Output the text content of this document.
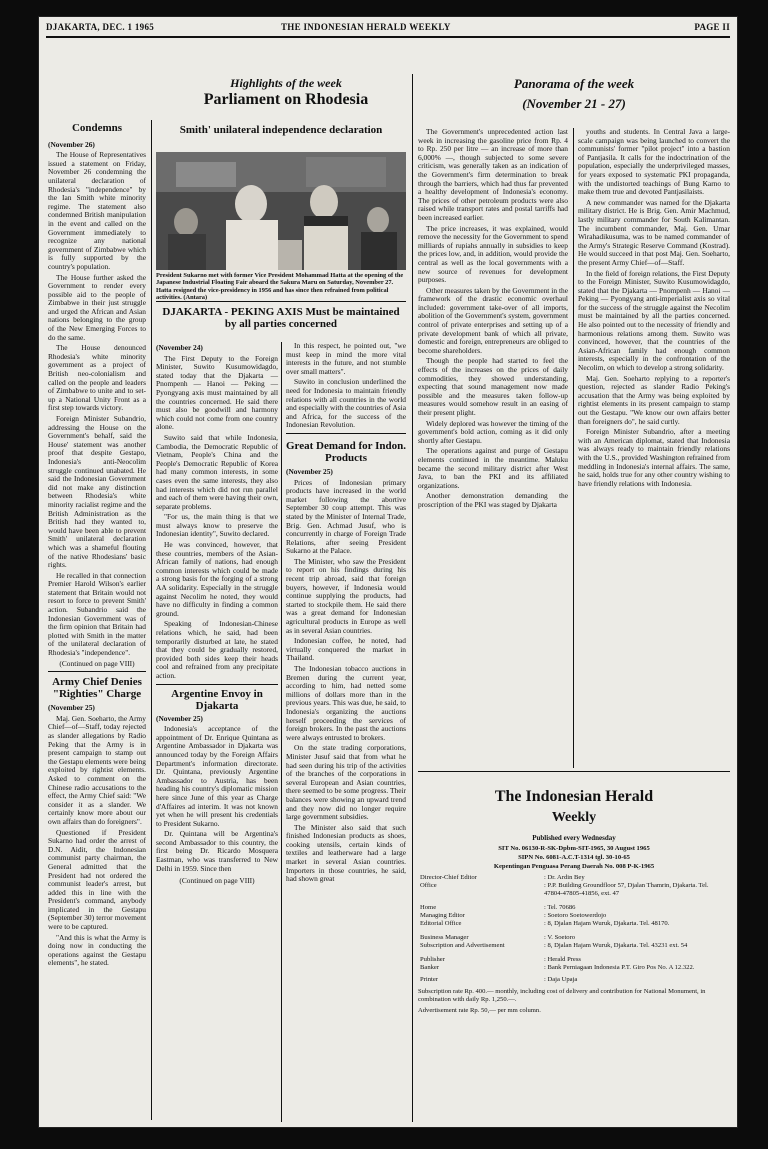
DJAKARTA, DEC. 1 1965	THE INDONESIAN HERALD WEEKLY	PAGE II
Highlights of the week
Parliament on Rhodesia
Condemns
(November 26)

The House of Representatives issued a statement on Friday, November 26 condemning the unilateral declaration of Rhodesia's "independence" by the Ian Smith white minority regime. The statement also condemned British manipulation in the event and called on the Government immediately to recognize any national government of Zimbabwe which is fully supported by the country's population.

The House further asked the Government to render every possible aid to the people of Zimbabwe in their just struggle and urged the African and Asian nations belonging to the group of the New Emerging Forces to do the same.

The House denounced Rhodesia's white minority government as a project of British neo-colonialism and called on the people and leaders of Zimbabwe to unite and to set-up a National Unity Front as a first step towards victory.

Foreign Minister Subandrio, addressing the House on the Government's behalf, said the House' statement was another proof that despite Gestapo, Indonesia's anti-Neocolim struggle continued unabated. He said the Indonesian Government did not make any distinction between Rhodesia's white minority racialist regime and the British Administration as the British had they wanted to, would have been able to prevent Smith' unilateral declaration which was a shameful flouting of the native Rhodesians' basic rights.

He recalled in that connection Premier Harold Wilson's earlier statement that Britain would not resort to force to prevent Smith' action. Subandrio said the Indonesian Government was of the firm opinion that Britain had plotted with Smith in the matter of the unilateral declaration of Rhodesia's "independence".

(Continued on page VIII)
Army Chief Denies "Righties" Charge
(November 25)

Maj. Gen. Soeharto, the Army Chief—of—Staff, today rejected as slander allegations by Radio Peking that the Army is in present campaign to stamp out the Gestapu elements were being exploited by rightist elements. Asked to comment on the Chinese radio accusations to the effect, the Army Chief said: "We consider it as a slander. We certainly know more about our own affairs than do foreigners".

Questioned if President Sukarno had order the arrest of D.N. Aidit, the Indonesian communist party chairman, the General admitted that the President had not ordered the communist leader's arrest, but added this in line with the President's command, anybody implicated in the Gestapu (September 30) terror movement were to be captured.

"And this is what the Army is doing now in conducting the operations against the Gestapu elements", he stated.

Smith' unilateral independence declaration
President Sukarno met with former Vice President Mohammad Hatta at the opening of the Japanese Industrial Floating Fair aboard the Sakura Maru on Saturday, November 27. Hatta resigned the vice-presidency in 1956 and has since then refrained from political activities. (Antara)
DJAKARTA - PEKING AXIS Must be maintained by all parties concerned
(November 24)

The First Deputy to the Foreign Minister, Suwito Kusumowidagdo, stated today that the Djakarta — Pnompenh — Hanoi — Peking — Pyongyang axis must maintained by all the countries concerned. He said there must also be goodwill and harmony which could not come from one country alone.

Suwito said that while Indonesia, Cambodia, the Democratic Republic of Vietnam, People's China and the People's Democratic Republic of Korea had many common interests, in some cases even the same interests, they also had interests which did not run parallel and each of them were having their own, separate problems.

"For us, the main thing is that we must always know to preserve the Indonesian identity", Suwito declared.

He was convinced, however, that these countries, members of the Asian-African family of nations, had enough common interests which could be made a strong basis for the forging of a strong AA solidarity. Especially in the struggle against Necolim he noted, they would have no difficulty in finding a common ground.

Speaking of Indonesian-Chinese relations which, he said, had been temporarily disturbed at late, he stated that they could be gradually restored, provided both sides keep their heads cool and refrained from any precipitate action.

Argentine Envoy in Djakarta
(November 25)

Indonesia's acceptance of the appointment of Dr. Enrique Quintana as Argentine Ambassador in Djakarta was announced today by the Foreign Affairs Department's information directorate. Dr. Quintana, previously Argentine Ambassador to Austria, has been heading his country's diplomatic mission here since June of this year as Charge d'Affaires ad interim. It was not known yet when he will present his credentials to President Sukarno.

Dr. Quintana will be Argentina's second Ambassador to this country, the first being Dr. Ricardo Mosquera Eastman, who was transferred to New Delhi in 1959. Since then

(Continued on page VIII)

In this respect, he pointed out, "we must keep in mind the more vital interests in the future, and not stumble over small matters".

Suwito in conclusion underlined the need for Indonesia to maintain friendly relations with all countries in the world and especially with the countries of Asia and Africa, for the success of the Indonesian Revolution.

Great Demand for Indon. Products
(November 25)

Prices of Indonesian primary products have increased in the world market following the abortive September 30 coup attempt. This was stated by the Minister of Internal Trade, Brig. Gen. Achmad Jusuf, who is concurrently in charge of Foreign Trade Relations, after seeing President Sukarno at the Palace.

The Minister, who saw the President to report on his findings during his recent trip abroad, said that foreign buyers, however, if Indonesia would continue supplying the products, had started to stockpile them. He said there was a great demand for Indonesian agricultural products in Europe as well as in several Asian countries.

Indonesian coffee, he noted, had virtually conquered the market in Thailand.

The Indonesian tobacco auctions in Bremen during the current year, according to him, had netted some millions of dollars more than in the previous years. This was due, he said, to Indonesia's organizing the auctions herself proceeding the services of foreign brokers. In the past the auctions were always entrusted to brokers.

On the state trading corporations, Minister Jusuf said that from what he had seen during his trip of the activities of the branches of the corporations in several European and Asian countries, there seemed to be some progress. Their balances were showing an upward trend and they now did no longer require large government subsidies.

The Minister also said that such finished Indonesian products as shoes, cooking utensils, certain kinds of textiles and leatherware had a large market in several Asian countries. Importers in those countries, he said, had shown great

Panorama of the week
(November 21 - 27)

The Government's unprecedented action last week in increasing the gasoline price from Rp. 4 to Rp. 250 per litre — an increase of more than 6,000% —, though subjected to some severe criticism, was generally taken as an indication of the Government's firm determination to break through the barriers, which had thus far prevented a healthy development of Indonesia's economy. The prices of other petroleum products were also raised while transport rates and postal tarriffs had been increased earlier.

The price increases, it was explained, would remove the necessity for the Government to spend milliards of rupiahs annually in subsidies to keep the prices low, and, in addition, would provide the central as well as the local governments with a new source of revenues for development purposes.

Other measures taken by the Government in the framework of the drastic economic overhaul included: government take-over of all imports, abolition of the Government's system, government control of private enterprises and setting up of a private development bank of which all private, domestic and foreign, entrepreneurs are obliged to become shareholders.

Though the people had started to feel the effects of the increases on the prices of daily commodities, they showed understanding, expecting that sound management now made possible and the measures taken follow-up measures would somehow result in an easing of their present plight.

Widely deplored was however the timing of the government's bold action, coming as it did only shortly after Gestapu.

The operations against and purge of Gestapu elements continued in the meantime. Maluku became the second military district after West Java, to ban the PKI and its affiliated organizations.

Another demonstration demanding the proscription of the PKI was staged by Djakarta

youths and students. In Central Java a large-scale campaign was being launched to convert the communists' former "pilot project" into a bastion of Pantjasila. It calls for the indoctrination of the population, especially the underprivileged masses, for years exposed to systematic PKI propaganda, with the undistorted teachings of Bung Karno to make them true and devoted Pantjasilaists.

A new commander was named for the Djakarta military district. He is Brig. Gen. Amir Machmud, lastly military commander for South Kalimantan. The incumbent commander, Maj. Gen. Umar Wirahadikusuma, was to be named commander of the Army's Strategic Reserve Command (Kostrad). He would succeed in that post Maj. Gen. Soeharto, the present Army Chief—of—Staff.

In the field of foreign relations, the First Deputy to the Foreign Minister, Suwito Kusumowidagdo, stated that the Djakarta — Pnompenh — Hanoi — Peking — Pyongyang anti-imperialist axis so vital for the success of the struggle against the Necolim must be maintained by all the parties concerned. He also pointed out to the necessity of friendly and harmonious relations among them. Suwito was convinced, however, that the countries of the Asian-African family had enough common interests, especially in the confrontation of the Necolim, on which to develop a strong solidarity.

Maj. Gen. Soeharto replying to a reporter's question, rejected as slander Radio Peking's accusation that the Army was being exploited by rightist elements in its present campaign to stamp out the Gestapu. "We know our own affairs better than foreigners do", he said curtly.

Foreign Minister Subandrio, after a meeting with an American diplomat, stated that Indonesia was always ready to maintain friendly relations with the U.S., provided Washington refrained from meddling in Indonesia's internal affairs. The same, he said, holds true for any other country wishing to have friendly relations with Indonesia.

The Indonesian Herald
Weekly
Published every Wednesday
SIT No. 06130-R-SK-Dpbm-SIT-1965, 30 August 1965
SIPN No. 6081-A.C.T-1314 tgl. 30-10-65
Kepentingan Penguasa Perang Daerah No. 008 P-K-1965
Director-Chief Editor	: Dr. Ardin Bey
Office	: P.P. Building Groundfloor 57, Djalan Thamrin, Djakarta. Tel. 47804-47805-41856, ext. 47
Home	: Tel. 70686
Managing Editor	: Soetoro Soetowerdojo
Editorial Office	: 8, Djalan Hajam Wuruk, Djakarta. Tel. 48170.
Business Manager	: V. Soetoro
Subscription and Advertisement	: 8, Djalan Hajam Wuruk, Djakarta. Tel. 43231 ext. 54
Publisher	: Herald Press
Banker	: Bank Perniagaan Indonesia P.T. Giro Pos No. A 12.322.
Printer	: Daja Upaja
Subscription rate Rp. 400.— monthly, including cost of delivery and contribution for National Monument, in combination with daily Rp. 1,250.—.
Advertisement rate Rp. 50,— per mm column.
